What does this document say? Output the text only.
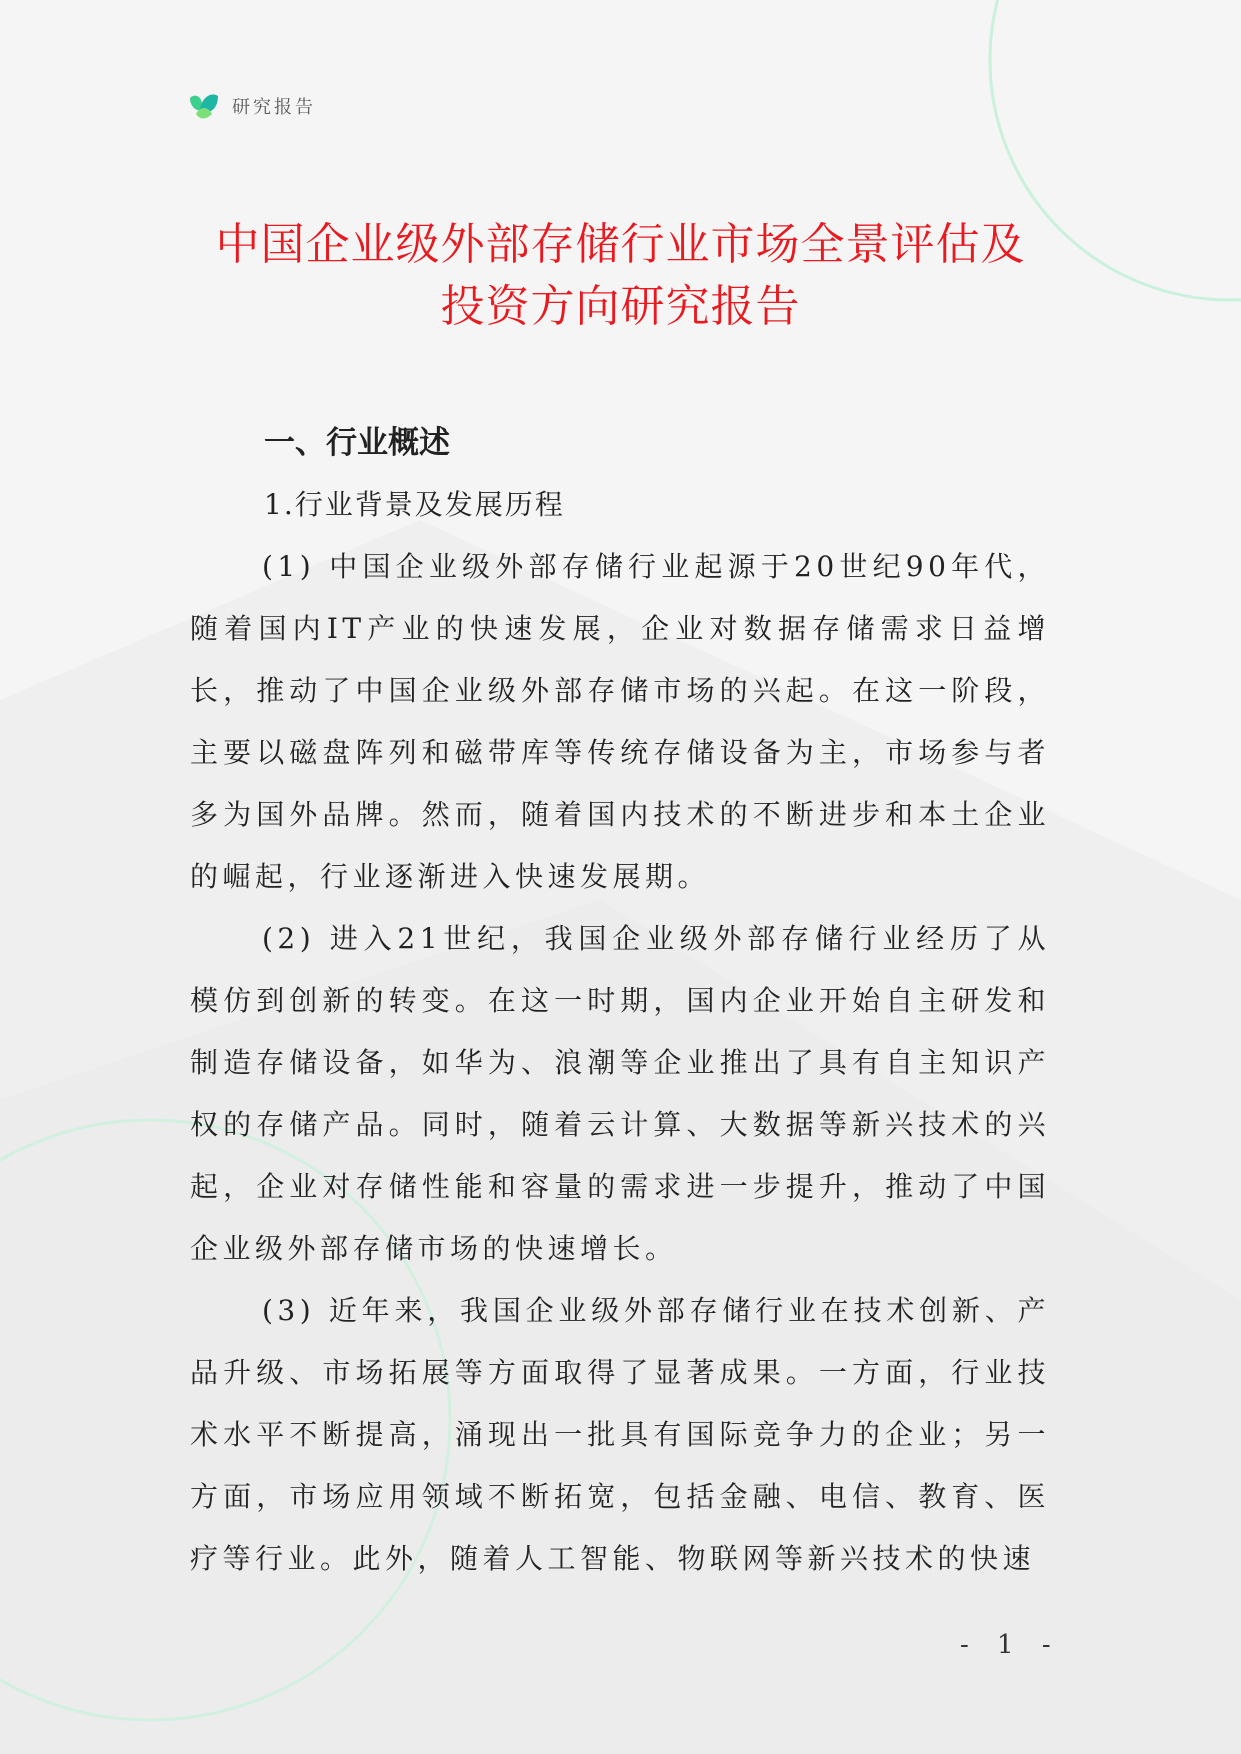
研究报告
中国企业级外部存储行业市场全景评估及
投资方向研究报告
一、行业概述
1.行业背景及发展历程

(1) 中国企业级外部存储行业起源于20世纪90年代，随着国内IT产业的快速发展，企业对数据存储需求日益增长，推动了中国企业级外部存储市场的兴起。在这一阶段，主要以磁盘阵列和磁带库等传统存储设备为主，市场参与者多为国外品牌。然而，随着国内技术的不断进步和本土企业的崛起，行业逐渐进入快速发展期。

(2) 进入21世纪，我国企业级外部存储行业经历了从模仿到创新的转变。在这一时期，国内企业开始自主研发和制造存储设备，如华为、浪潮等企业推出了具有自主知识产权的存储产品。同时，随着云计算、大数据等新兴技术的兴起，企业对存储性能和容量的需求进一步提升，推动了中国企业级外部存储市场的快速增长。

(3) 近年来，我国企业级外部存储行业在技术创新、产品升级、市场拓展等方面取得了显著成果。一方面，行业技术水平不断提高，涌现出一批具有国际竞争力的企业；另一方面，市场应用领域不断拓宽，包括金融、电信、教育、医疗等行业。此外，随着人工智能、物联网等新兴技术的快速

- 1 -
